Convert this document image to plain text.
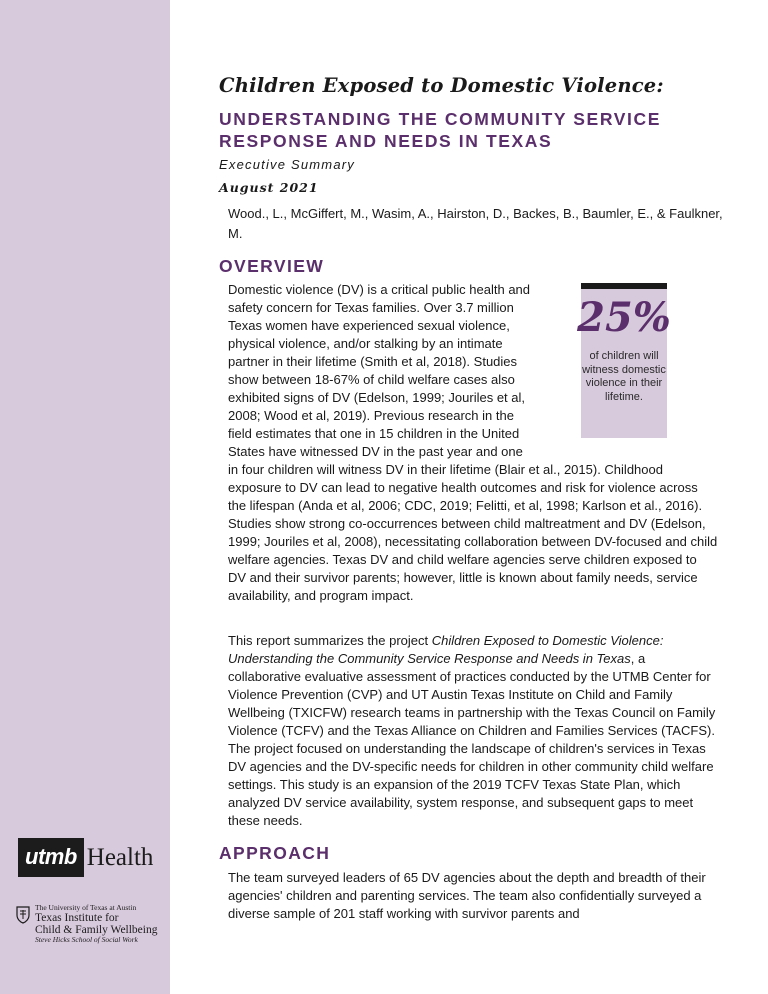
utmb Health
The University of Texas at Austin
Texas Institute for
Child & Family Wellbeing
Steve Hicks School of Social Work
Children Exposed to Domestic Violence:
UNDERSTANDING THE COMMUNITY SERVICE RESPONSE AND NEEDS IN TEXAS
Executive Summary
August 2021
Wood., L., McGiffert, M., Wasim, A., Hairston, D., Backes, B., Baumler, E., & Faulkner, M.
OVERVIEW
Domestic violence (DV) is a critical public health and safety concern for Texas families. Over 3.7 million Texas women have experienced sexual violence, physical violence, and/or stalking by an intimate partner in their lifetime (Smith et al, 2018). Studies show between 18-67% of child welfare cases also exhibited signs of DV (Edelson, 1999; Jouriles et al, 2008; Wood et al, 2019). Previous research in the field estimates that one in 15 children in the United States have witnessed DV in the past year and one in four children will witness DV in their lifetime (Blair et al., 2015). Childhood exposure to DV can lead to negative health outcomes and risk for violence across the lifespan (Anda et al, 2006; CDC, 2019; Felitti, et al, 1998; Karlson et al., 2016). Studies show strong co-occurrences between child maltreatment and DV (Edelson, 1999; Jouriles et al, 2008), necessitating collaboration between DV-focused and child welfare agencies. Texas DV and child welfare agencies serve children exposed to DV and their survivor parents; however, little is known about family needs, service availability, and program impact.
25%
of children will witness domestic violence in their lifetime.

This report summarizes the project Children Exposed to Domestic Violence: Understanding the Community Service Response and Needs in Texas, a collaborative evaluative assessment of practices conducted by the UTMB Center for Violence Prevention (CVP) and UT Austin Texas Institute on Child and Family Wellbeing (TXICFW) research teams in partnership with the Texas Council on Family Violence (TCFV) and the Texas Alliance on Children and Families Services (TACFS). The project focused on understanding the landscape of children's services in Texas DV agencies and the DV-specific needs for children in other community child welfare settings. This study is an expansion of the 2019 TCFV Texas State Plan, which analyzed DV service availability, system response, and subsequent gaps to meet these needs.

APPROACH

The team surveyed leaders of 65 DV agencies about the depth and breadth of their agencies' children and parenting services. The team also confidentially surveyed a diverse sample of 201 staff working with survivor parents and
